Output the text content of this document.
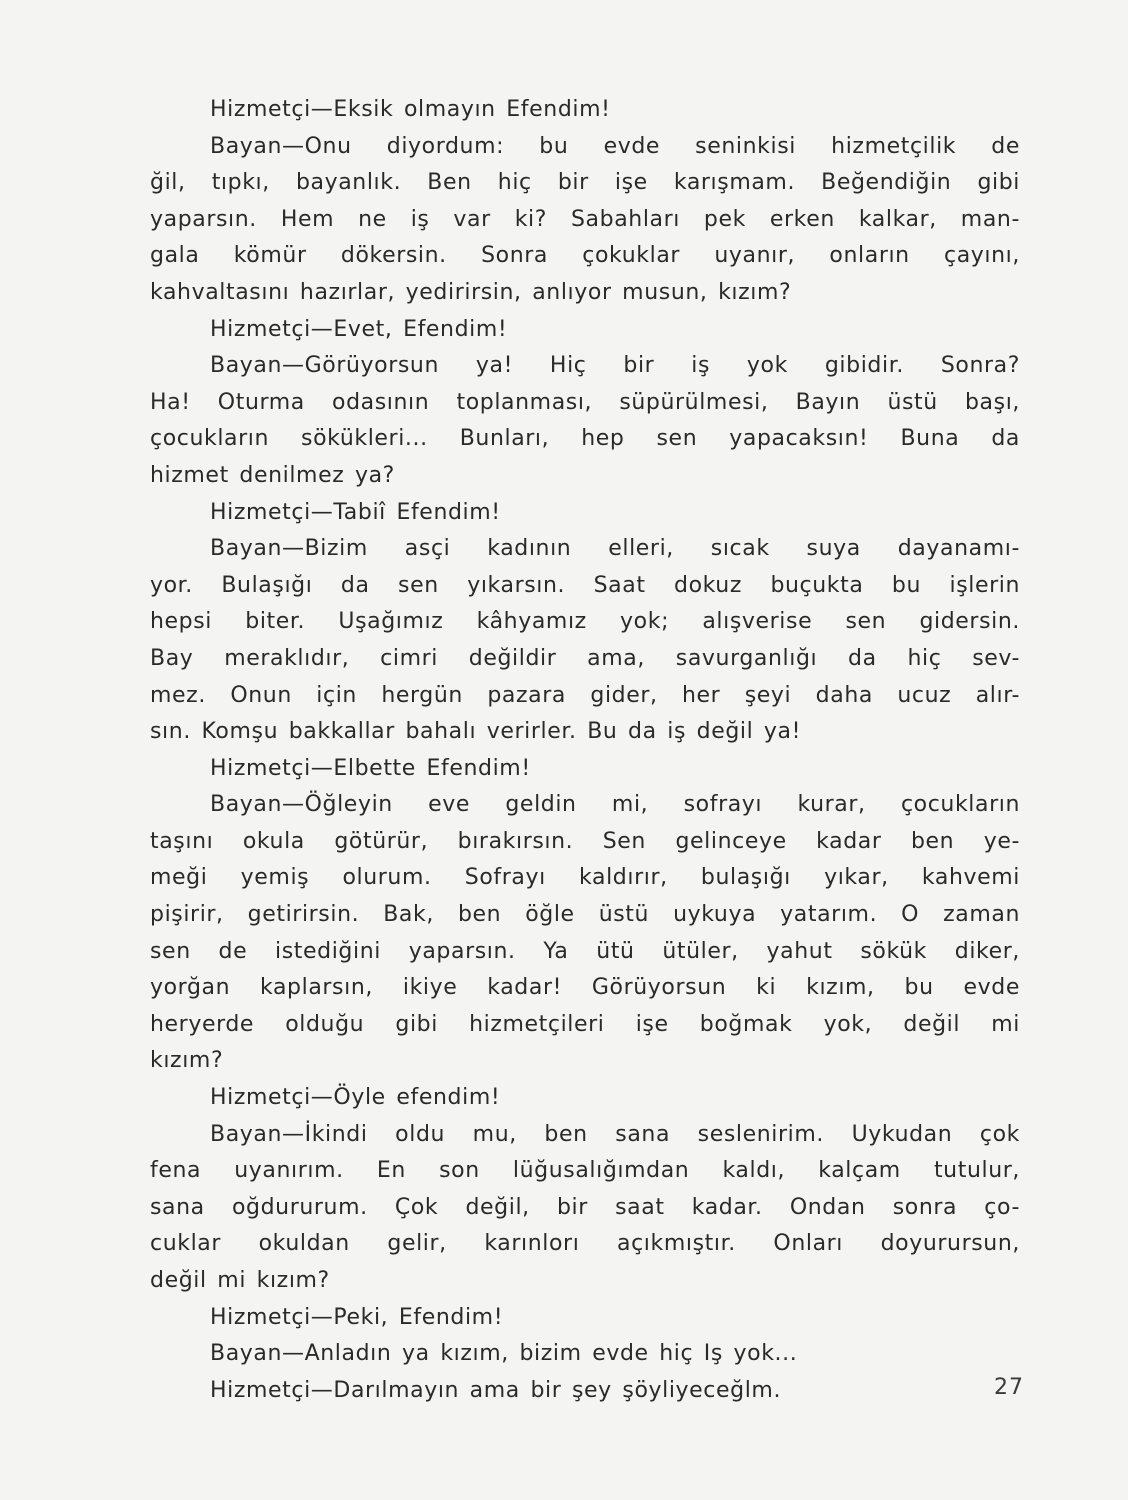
Hizmetçi—Eksik olmayın Efendim!
Bayan—Onu diyordum: bu evde seninkisi hizmetçilik de
ğil, tıpkı, bayanlık. Ben hiç bir işe karışmam. Beğendiğin gibi
yaparsın. Hem ne iş var ki? Sabahları pek erken kalkar, man-
gala kömür dökersin. Sonra çokuklar uyanır, onların çayını,
kahvaltasını hazırlar, yedirirsin, anlıyor musun, kızım?
Hizmetçi—Evet, Efendim!
Bayan—Görüyorsun ya! Hiç bir iş yok gibidir. Sonra?
Ha! Oturma odasının toplanması, süpürülmesi, Bayın üstü başı,
çocukların sökükleri... Bunları, hep sen yapacaksın! Buna da
hizmet denilmez ya?
Hizmetçi—Tabiî Efendim!
Bayan—Bizim asçi kadının elleri, sıcak suya dayanamı-
yor. Bulaşığı da sen yıkarsın. Saat dokuz buçukta bu işlerin
hepsi biter. Uşağımız kâhyamız yok; alışverise sen gidersin.
Bay meraklıdır, cimri değildir ama, savurganlığı da hiç sev-
mez. Onun için hergün pazara gider, her şeyi daha ucuz alır-
sın. Komşu bakkallar bahalı verirler. Bu da iş değil ya!
Hizmetçi—Elbette Efendim!
Bayan—Öğleyin eve geldin mi, sofrayı kurar, çocukların
taşını okula götürür, bırakırsın. Sen gelinceye kadar ben ye-
meği yemiş olurum. Sofrayı kaldırır, bulaşığı yıkar, kahvemi
pişirir, getirirsin. Bak, ben öğle üstü uykuya yatarım. O zaman
sen de istediğini yaparsın. Ya ütü ütüler, yahut sökük diker,
yorğan kaplarsın, ikiye kadar! Görüyorsun ki kızım, bu evde
heryerde olduğu gibi hizmetçileri işe boğmak yok, değil mi
kızım?
Hizmetçi—Öyle efendim!
Bayan—İkindi oldu mu, ben sana seslenirim. Uykudan çok
fena uyanırım. En son lüğusalığımdan kaldı, kalçam tutulur,
sana oğdururum. Çok değil, bir saat kadar. Ondan sonra ço-
cuklar okuldan gelir, karınlorı açıkmıştır. Onları doyurursun,
değil mi kızım?
Hizmetçi—Peki, Efendim!
Bayan—Anladın ya kızım, bizim evde hiç Iş yok...
Hizmetçi—Darılmayın ama bir şey şöyliyeceğlm.	27
